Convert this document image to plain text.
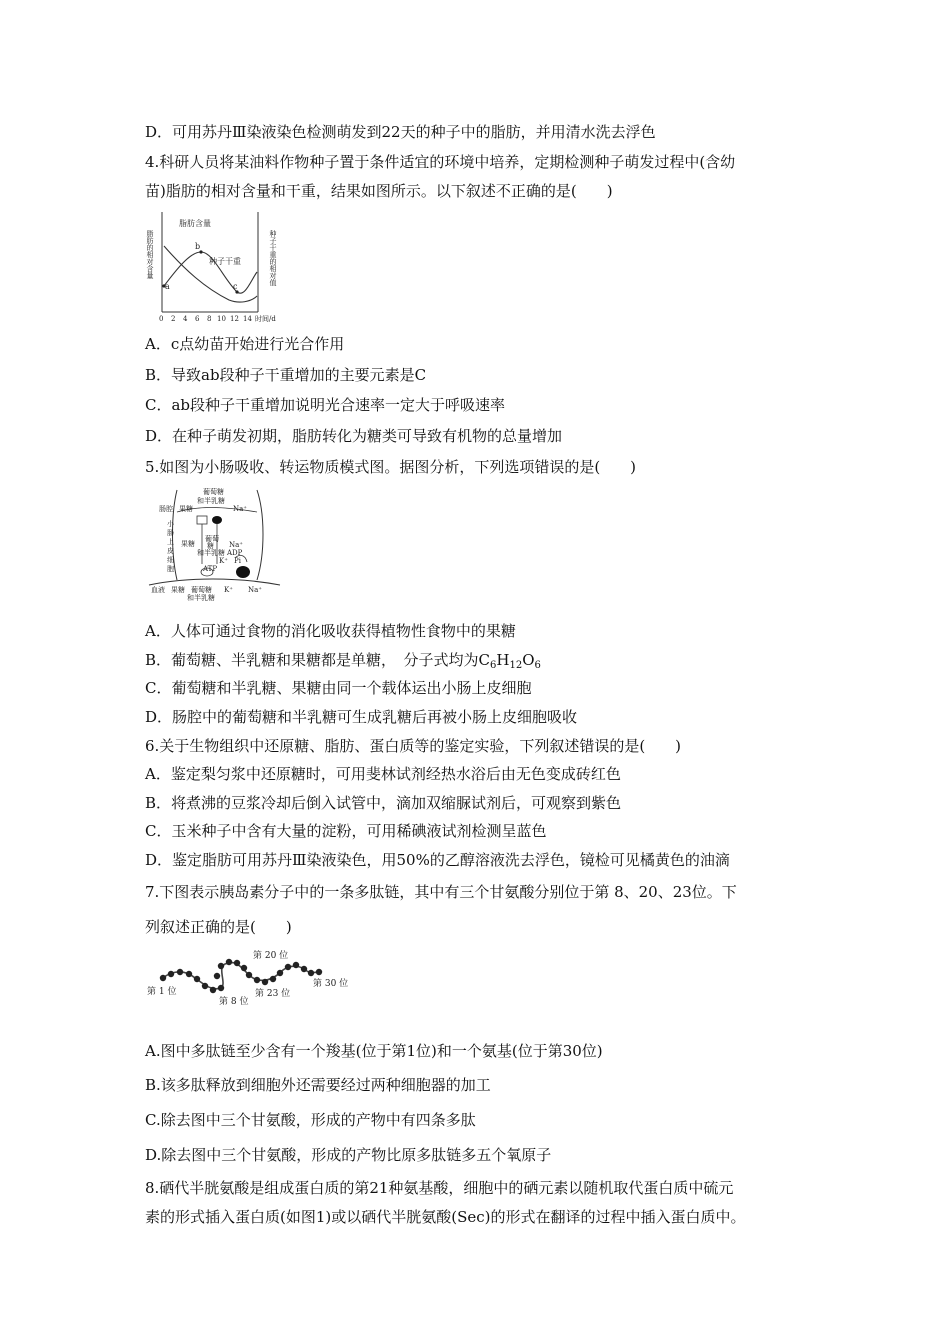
D．可用苏丹Ⅲ染液染色检测萌发到22天的种子中的脂肪，并用清水洗去浮色
4.科研人员将某油料作物种子置于条件适宜的环境中培养，定期检测种子萌发过程中(含幼
苗)脂肪的相对含量和干重，结果如图所示。以下叙述不正确的是(　　)
脂肪的相对含量	种子干重的相对值
a
b
c
脂肪含量
种子干重
0 2 4 6 8 10 12 14 时间/d
A．c点幼苗开始进行光合作用
B．导致ab段种子干重增加的主要元素是C
C．ab段种子干重增加说明光合速率一定大于呼吸速率
D．在种子萌发初期，脂肪转化为糖类可导致有机物的总量增加
5.如图为小肠吸收、转运物质模式图。据图分析，下列选项错误的是(　　)
肠腔 果糖
葡萄糖
和半乳糖
Na⁺
小
肠
上
皮
细
胞
果糖
葡萄
糖
和半乳糖
Na⁺
ADP
Pi
K⁺
ATP
血液 果糖 葡萄糖
和半乳糖
K⁺ Na⁺
A．人体可通过食物的消化吸收获得植物性食物中的果糖
B．葡萄糖、半乳糖和果糖都是单糖，　分子式均为$C_6H_{12}O_6$
C．葡萄糖和半乳糖、果糖由同一个载体运出小肠上皮细胞
D．肠腔中的葡萄糖和半乳糖可生成乳糖后再被小肠上皮细胞吸收
6.关于生物组织中还原糖、脂肪、蛋白质等的鉴定实验，下列叙述错误的是(　　)
A．鉴定梨匀浆中还原糖时，可用斐林试剂经热水浴后由无色变成砖红色
B．将煮沸的豆浆冷却后倒入试管中，滴加双缩脲试剂后，可观察到紫色
C．玉米种子中含有大量的淀粉，可用稀碘液试剂检测呈蓝色
D．鉴定脂肪可用苏丹Ⅲ染液染色，用50%的乙醇溶液洗去浮色，镜检可见橘黄色的油滴
7.下图表示胰岛素分子中的一条多肽链，其中有三个甘氨酸分别位于第 8、20、23位。下
列叙述正确的是(　　)
第 1 位
第 8 位
第 20 位
第 23 位
第 30 位
A.图中多肽链至少含有一个羧基(位于第1位)和一个氨基(位于第30位)
B.该多肽释放到细胞外还需要经过两种细胞器的加工
C.除去图中三个甘氨酸，形成的产物中有四条多肽
D.除去图中三个甘氨酸，形成的产物比原多肽链多五个氧原子
8.硒代半胱氨酸是组成蛋白质的第21种氨基酸，细胞中的硒元素以随机取代蛋白质中硫元
素的形式插入蛋白质(如图1)或以硒代半胱氨酸(Sec)的形式在翻译的过程中插入蛋白质中。
